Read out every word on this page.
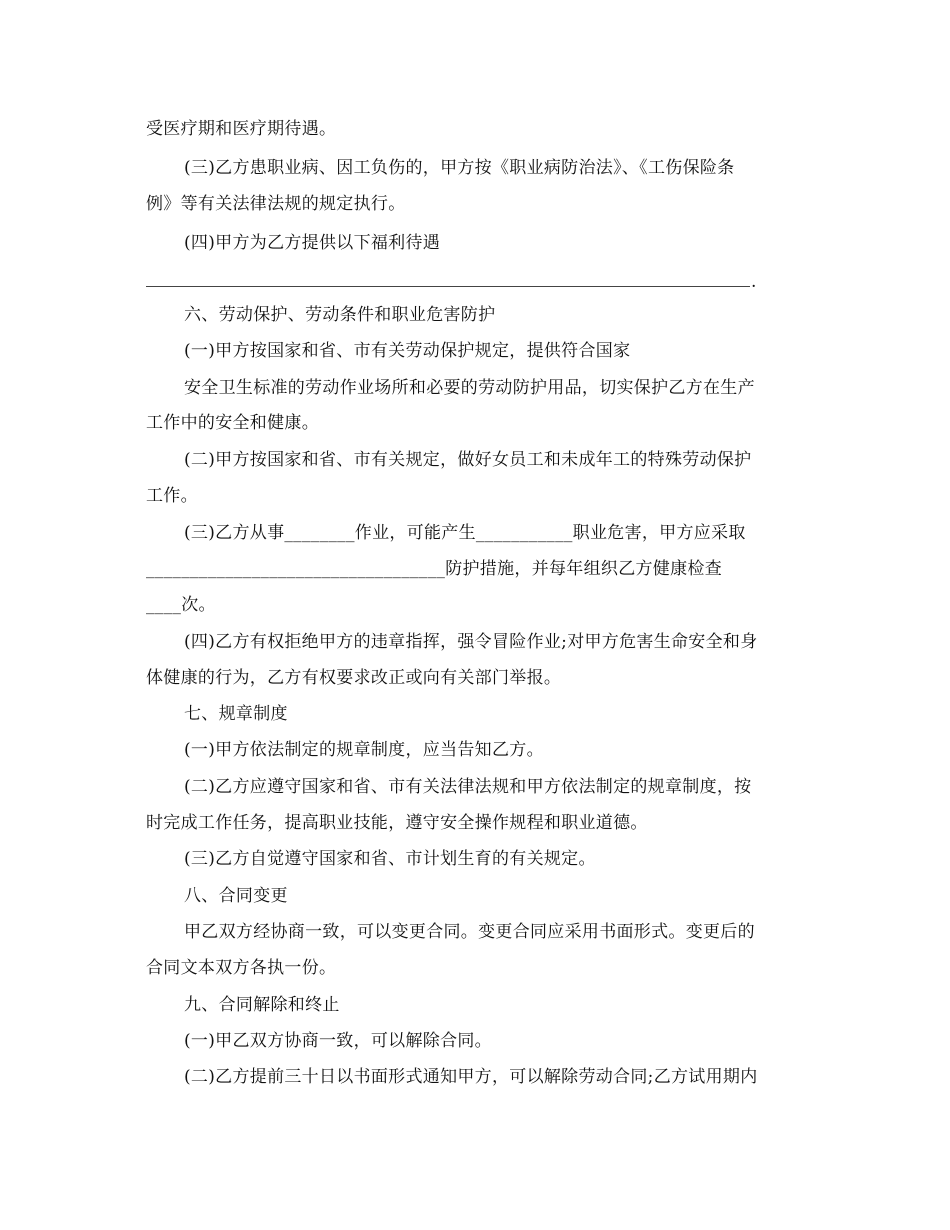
受医疗期和医疗期待遇。
(三)乙方患职业病、因工负伤的，甲方按《职业病防治法》、《工伤保险条
例》等有关法律法规的规定执行。
(四)甲方为乙方提供以下福利待遇
.
六、劳动保护、劳动条件和职业危害防护
(一)甲方按国家和省、市有关劳动保护规定，提供符合国家
安全卫生标准的劳动作业场所和必要的劳动防护用品，切实保护乙方在生产
工作中的安全和健康。
(二)甲方按国家和省、市有关规定，做好女员工和未成年工的特殊劳动保护
工作。
(三)乙方从事________作业，可能产生___________职业危害，甲方应采取
__________________________________防护措施，并每年组织乙方健康检查
____次。
(四)乙方有权拒绝甲方的违章指挥，强令冒险作业;对甲方危害生命安全和身
体健康的行为，乙方有权要求改正或向有关部门举报。
七、规章制度
(一)甲方依法制定的规章制度，应当告知乙方。
(二)乙方应遵守国家和省、市有关法律法规和甲方依法制定的规章制度，按
时完成工作任务，提高职业技能，遵守安全操作规程和职业道德。
(三)乙方自觉遵守国家和省、市计划生育的有关规定。
八、合同变更
甲乙双方经协商一致，可以变更合同。变更合同应采用书面形式。变更后的
合同文本双方各执一份。
九、合同解除和终止
(一)甲乙双方协商一致，可以解除合同。
(二)乙方提前三十日以书面形式通知甲方，可以解除劳动合同;乙方试用期内
